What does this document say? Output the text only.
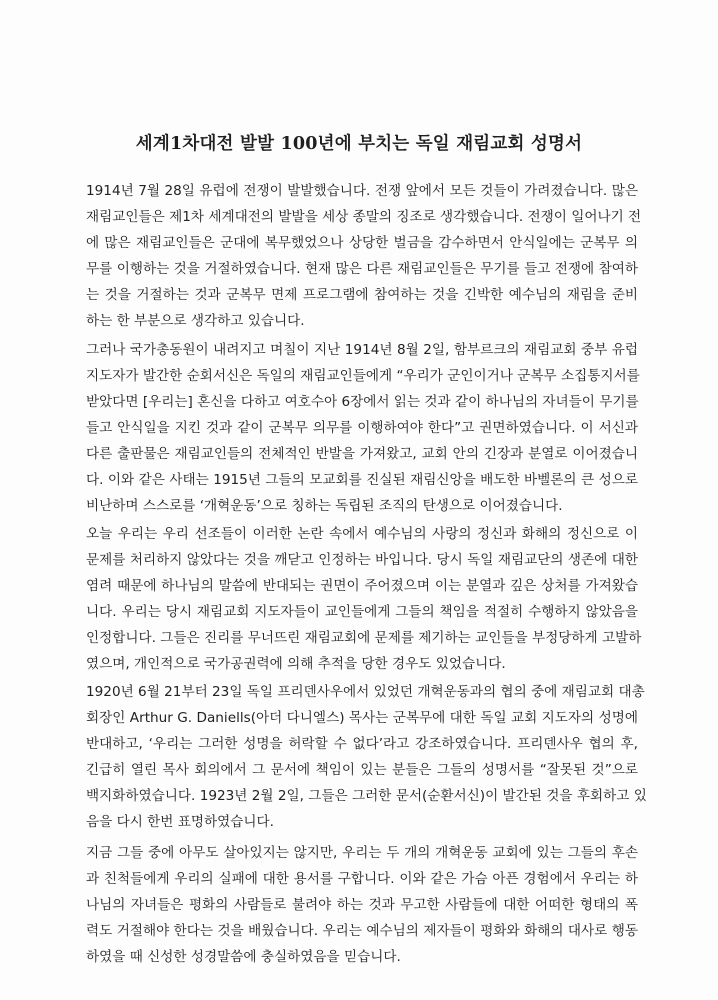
세계1차대전 발발 100년에 부치는 독일 재림교회 성명서
1914년 7월 28일 유럽에 전쟁이 발발했습니다. 전쟁 앞에서 모든 것들이 가려졌습니다. 많은
재림교인들은 제1차 세계대전의 발발을 세상 종말의 징조로 생각했습니다. 전쟁이 일어나기 전
에 많은 재림교인들은 군대에 복무했었으나 상당한 벌금을 감수하면서 안식일에는 군복무 의
무를 이행하는 것을 거절하였습니다. 현재 많은 다른 재림교인들은 무기를 들고 전쟁에 참여하
는 것을 거절하는 것과 군복무 면제 프로그램에 참여하는 것을 긴박한 예수님의 재림을 준비
하는 한 부분으로 생각하고 있습니다.
그러나 국가총동원이 내려지고 며칠이 지난 1914년 8월 2일, 함부르크의 재림교회 중부 유럽
지도자가 발간한 순회서신은 독일의 재림교인들에게 “우리가 군인이거나 군복무 소집통지서를
받았다면 [우리는] 혼신을 다하고 여호수아 6장에서 읽는 것과 같이 하나님의 자녀들이 무기를
들고 안식일을 지킨 것과 같이 군복무 의무를 이행하여야 한다”고 권면하였습니다. 이 서신과
다른 출판물은 재림교인들의 전체적인 반발을 가져왔고, 교회 안의 긴장과 분열로 이어졌습니
다. 이와 같은 사태는 1915년 그들의 모교회를 진실된 재림신앙을 배도한 바벨론의 큰 성으로
비난하며 스스로를 ‘개혁운동’으로 칭하는 독립된 조직의 탄생으로 이어졌습니다.
오늘 우리는 우리 선조들이 이러한 논란 속에서 예수님의 사랑의 정신과 화해의 정신으로 이
문제를 처리하지 않았다는 것을 깨닫고 인정하는 바입니다. 당시 독일 재림교단의 생존에 대한
염려 때문에 하나님의 말씀에 반대되는 권면이 주어졌으며 이는 분열과 깊은 상처를 가져왔습
니다. 우리는 당시 재림교회 지도자들이 교인들에게 그들의 책임을 적절히 수행하지 않았음을
인정합니다. 그들은 진리를 무너뜨린 재림교회에 문제를 제기하는 교인들을 부정당하게 고발하
였으며, 개인적으로 국가공권력에 의해 추적을 당한 경우도 있었습니다.
1920년 6월 21부터 23일 독일 프리덴사우에서 있었던 개혁운동과의 협의 중에 재림교회 대총
회장인 Arthur G. Daniells(아더 다니엘스) 목사는 군복무에 대한 독일 교회 지도자의 성명에
반대하고, ‘우리는 그러한 성명을 허락할 수 없다’라고 강조하였습니다. 프리덴사우 협의 후,
긴급히 열린 목사 회의에서 그 문서에 책임이 있는 분들은 그들의 성명서를 “잘못된 것”으로
백지화하였습니다. 1923년 2월 2일, 그들은 그러한 문서(순환서신)이 발간된 것을 후회하고 있
음을 다시 한번 표명하였습니다.
지금 그들 중에 아무도 살아있지는 않지만, 우리는 두 개의 개혁운동 교회에 있는 그들의 후손
과 친척들에게 우리의 실패에 대한 용서를 구합니다. 이와 같은 가슴 아픈 경험에서 우리는 하
나님의 자녀들은 평화의 사람들로 불려야 하는 것과 무고한 사람들에 대한 어떠한 형태의 폭
력도 거절해야 한다는 것을 배웠습니다. 우리는 예수님의 제자들이 평화와 화해의 대사로 행동
하였을 때 신성한 성경말씀에 충실하였음을 믿습니다.
